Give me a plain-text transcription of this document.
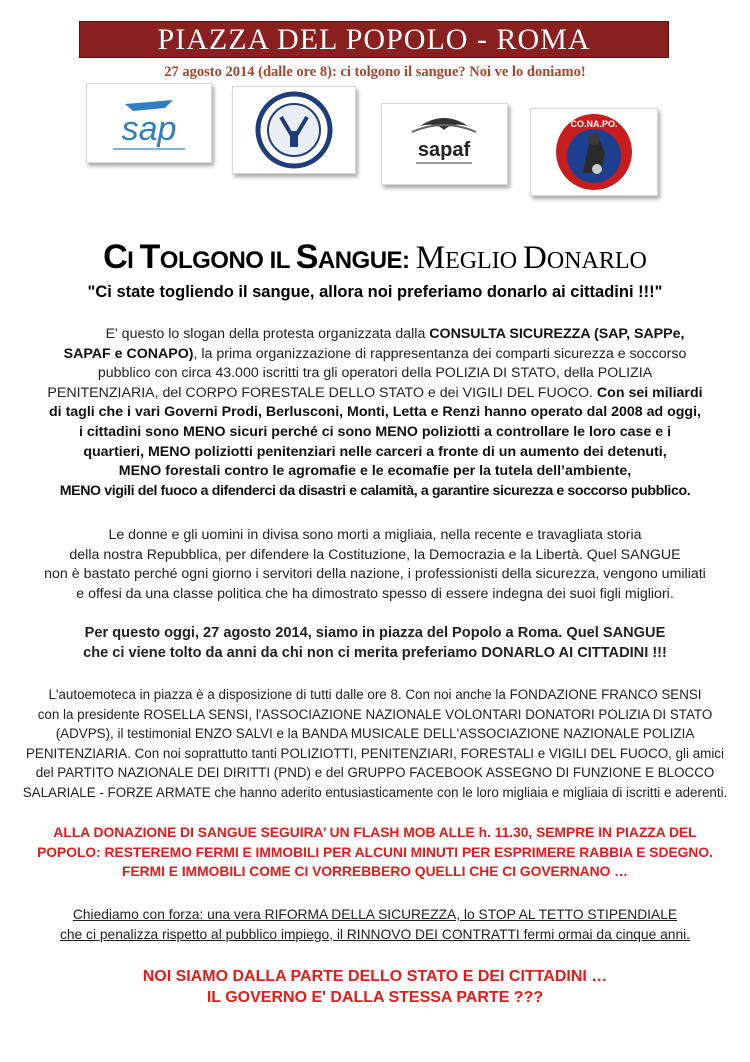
PIAZZA DEL POPOLO - ROMA
27 agosto 2014 (dalle ore 8): ci tolgono il sangue? Noi ve lo doniamo!
sap
SAPPE
sapaf
CO.NA.PO.
CI TOLGONO IL SANGUE: MEGLIO DONARLO
"Ci state togliendo il sangue, allora noi preferiamo donarlo ai cittadini !!!"
E' questo lo slogan della protesta organizzata dalla CONSULTA SICUREZZA (SAP, SAPPe,
SAPAF e CONAPO), la prima organizzazione di rappresentanza dei comparti sicurezza e soccorso
pubblico con circa 43.000 iscritti tra gli operatori della POLIZIA DI STATO, della POLIZIA
PENITENZIARIA, del CORPO FORESTALE DELLO STATO e dei VIGILI DEL FUOCO. Con sei miliardi
di tagli che i vari Governi Prodi, Berlusconi, Monti, Letta e Renzi hanno operato dal 2008 ad oggi,
i cittadini sono MENO sicuri perché ci sono MENO poliziotti a controllare le loro case e i
quartieri, MENO poliziotti penitenziari nelle carceri a fronte di un aumento dei detenuti,
MENO forestali contro le agromafie e le ecomafie per la tutela dell’ambiente,
MENO vigili del fuoco a difenderci da disastri e calamità, a garantire sicurezza e soccorso pubblico.
Le donne e gli uomini in divisa sono morti a migliaia, nella recente e travagliata storia
della nostra Repubblica, per difendere la Costituzione, la Democrazia e la Libertà. Quel SANGUE
non è bastato perché ogni giorno i servitori della nazione, i professionisti della sicurezza, vengono umiliati
e offesi da una classe politica che ha dimostrato spesso di essere indegna dei suoi figli migliori.
Per questo oggi, 27 agosto 2014, siamo in piazza del Popolo a Roma. Quel SANGUE
che ci viene tolto da anni da chi non ci merita preferiamo DONARLO AI CITTADINI !!!
L'autoemoteca in piazza è a disposizione di tutti dalle ore 8. Con noi anche la FONDAZIONE FRANCO SENSI
con la presidente ROSELLA SENSI, l'ASSOCIAZIONE NAZIONALE VOLONTARI DONATORI POLIZIA DI STATO
(ADVPS), il testimonial ENZO SALVI e la BANDA MUSICALE DELL'ASSOCIAZIONE NAZIONALE POLIZIA
PENITENZIARIA. Con noi soprattutto tanti POLIZIOTTI, PENITENZIARI, FORESTALI e VIGILI DEL FUOCO, gli amici
del PARTITO NAZIONALE DEI DIRITTI (PND) e del GRUPPO FACEBOOK ASSEGNO DI FUNZIONE E BLOCCO
SALARIALE - FORZE ARMATE che hanno aderito entusiasticamente con le loro migliaia e migliaia di iscritti e aderenti.
ALLA DONAZIONE DI SANGUE SEGUIRA’ UN FLASH MOB ALLE h. 11.30, SEMPRE IN PIAZZA DEL
POPOLO: RESTEREMO FERMI E IMMOBILI PER ALCUNI MINUTI PER ESPRIMERE RABBIA E SDEGNO.
FERMI E IMMOBILI COME CI VORREBBERO QUELLI CHE CI GOVERNANO …
Chiediamo con forza: una vera RIFORMA DELLA SICUREZZA, lo STOP AL TETTO STIPENDIALE
che ci penalizza rispetto al pubblico impiego, il RINNOVO DEI CONTRATTI fermi ormai da cinque anni.
NOI SIAMO DALLA PARTE DELLO STATO E DEI CITTADINI …
IL GOVERNO E' DALLA STESSA PARTE ???
